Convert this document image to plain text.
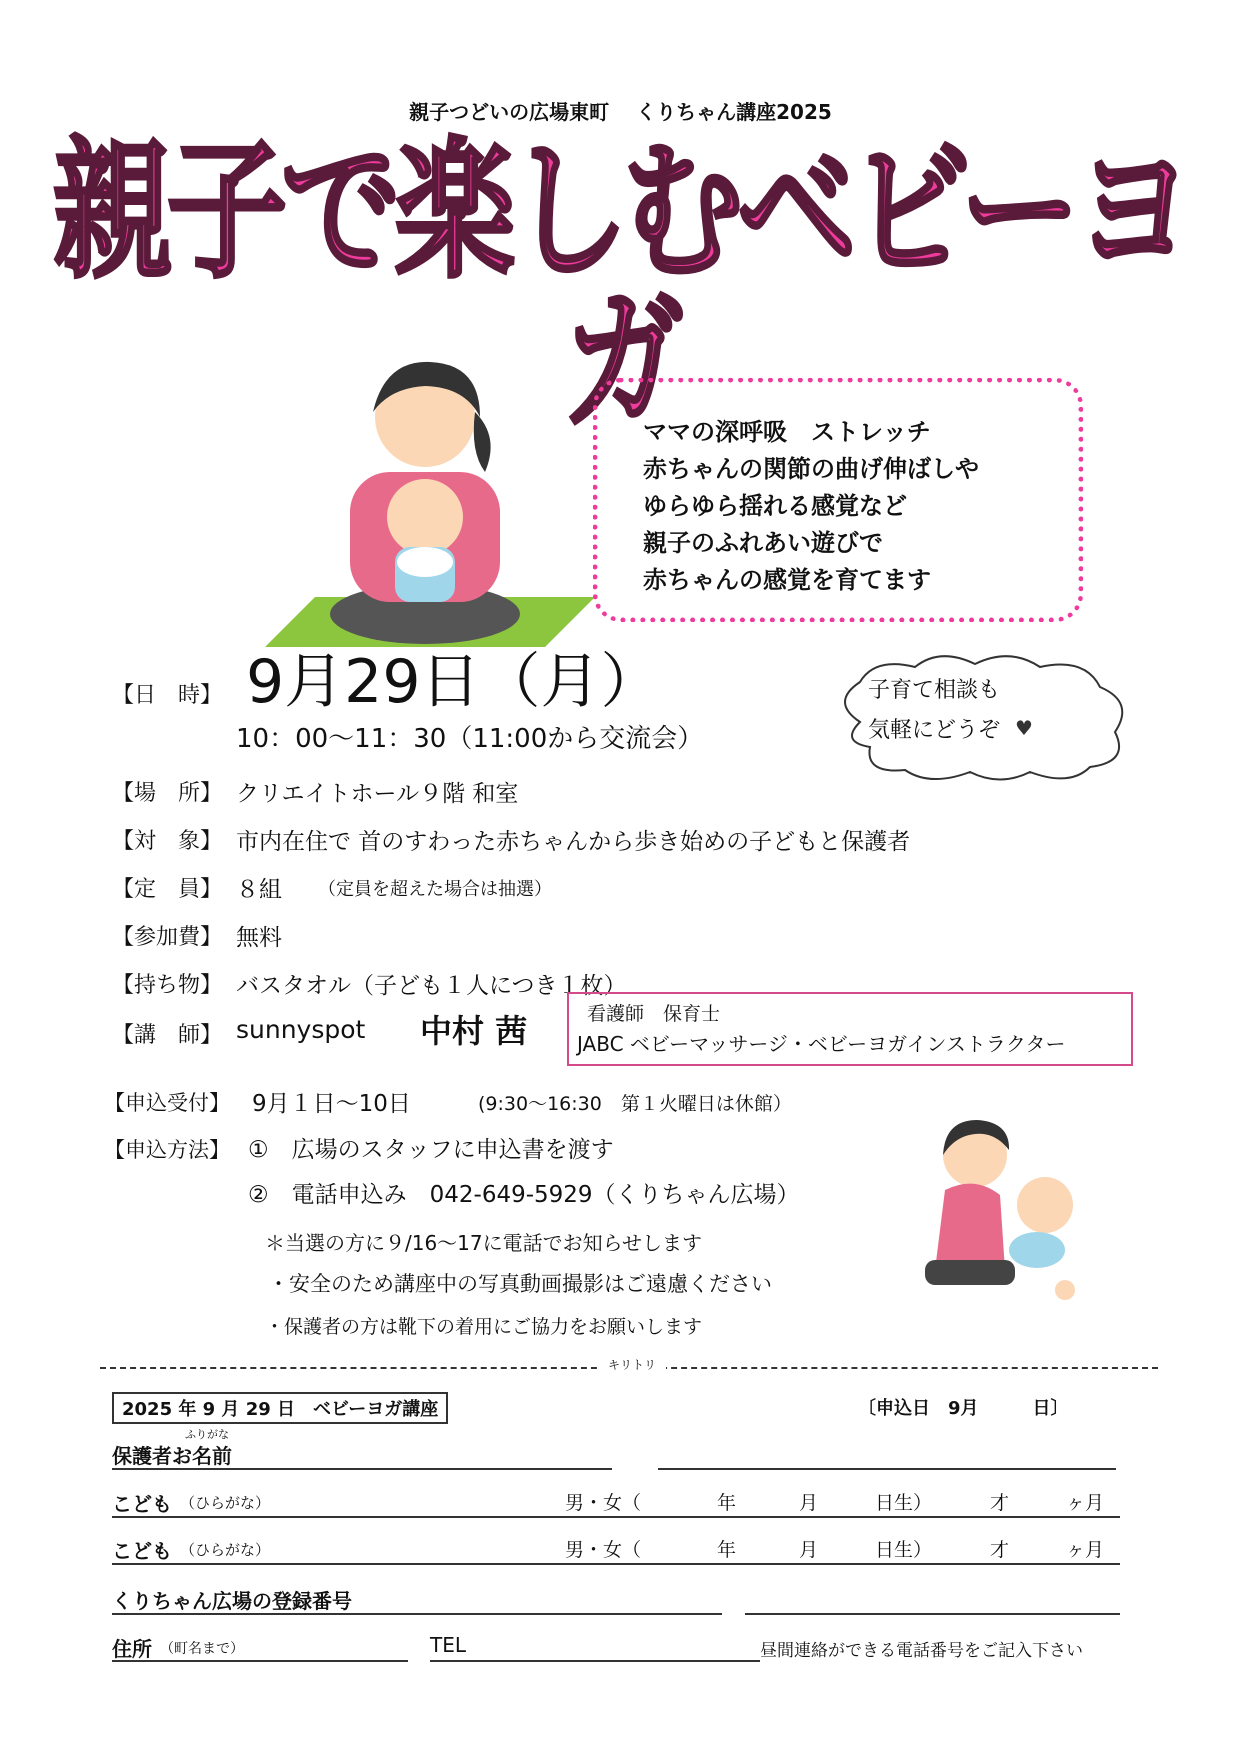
親子つどいの広場東町　 くりちゃん講座2025
親子で楽しむベビーヨガ
ママの深呼吸　ストレッチ
赤ちゃんの関節の曲げ伸ばしや
ゆらゆら揺れる感覚など
親子のふれあい遊びで
赤ちゃんの感覚を育てます
【日　時】 9月29日（月）
10：00～11：30（11:00から交流会）
子育て相談も
気軽にどうぞ ♥
【場　所】 クリエイトホール９階 和室
【対　象】 市内在住で 首のすわった赤ちゃんから歩き始めの子どもと保護者
【定　員】 ８組 （定員を超えた場合は抽選）
【参加費】 無料
【持ち物】 バスタオル（子ども１人につき１枚）
【講　師】 sunnyspot 中村 茜	看護師　保育士
JABC ベビーマッサージ・ベビーヨガインストラクター
【申込受付】 9月１日～10日	(9:30～16:30　第１火曜日は休館）
【申込方法】 ①　広場のスタッフに申込書を渡す
②　電話申込み　042-649-5929（くりちゃん広場）
＊当選の方に９/16～17に電話でお知らせします
・安全のため講座中の写真動画撮影はご遠慮ください
・保護者の方は靴下の着用にご協力をお願いします
キリトリ
2025 年 9 月 29 日　ベビーヨガ講座	〔申込日　9月　　　日〕
ふりがな
保護者お名前
こども （ひらがな）	男・女（　　　　年　　　 月　　　日生）	才　　　ヶ月
こども （ひらがな）	男・女（　　　　年　　　 月　　　日生）	才　　　ヶ月
くりちゃん広場の登録番号
住所 （町名まで）	TEL	昼間連絡ができる電話番号をご記入下さい
